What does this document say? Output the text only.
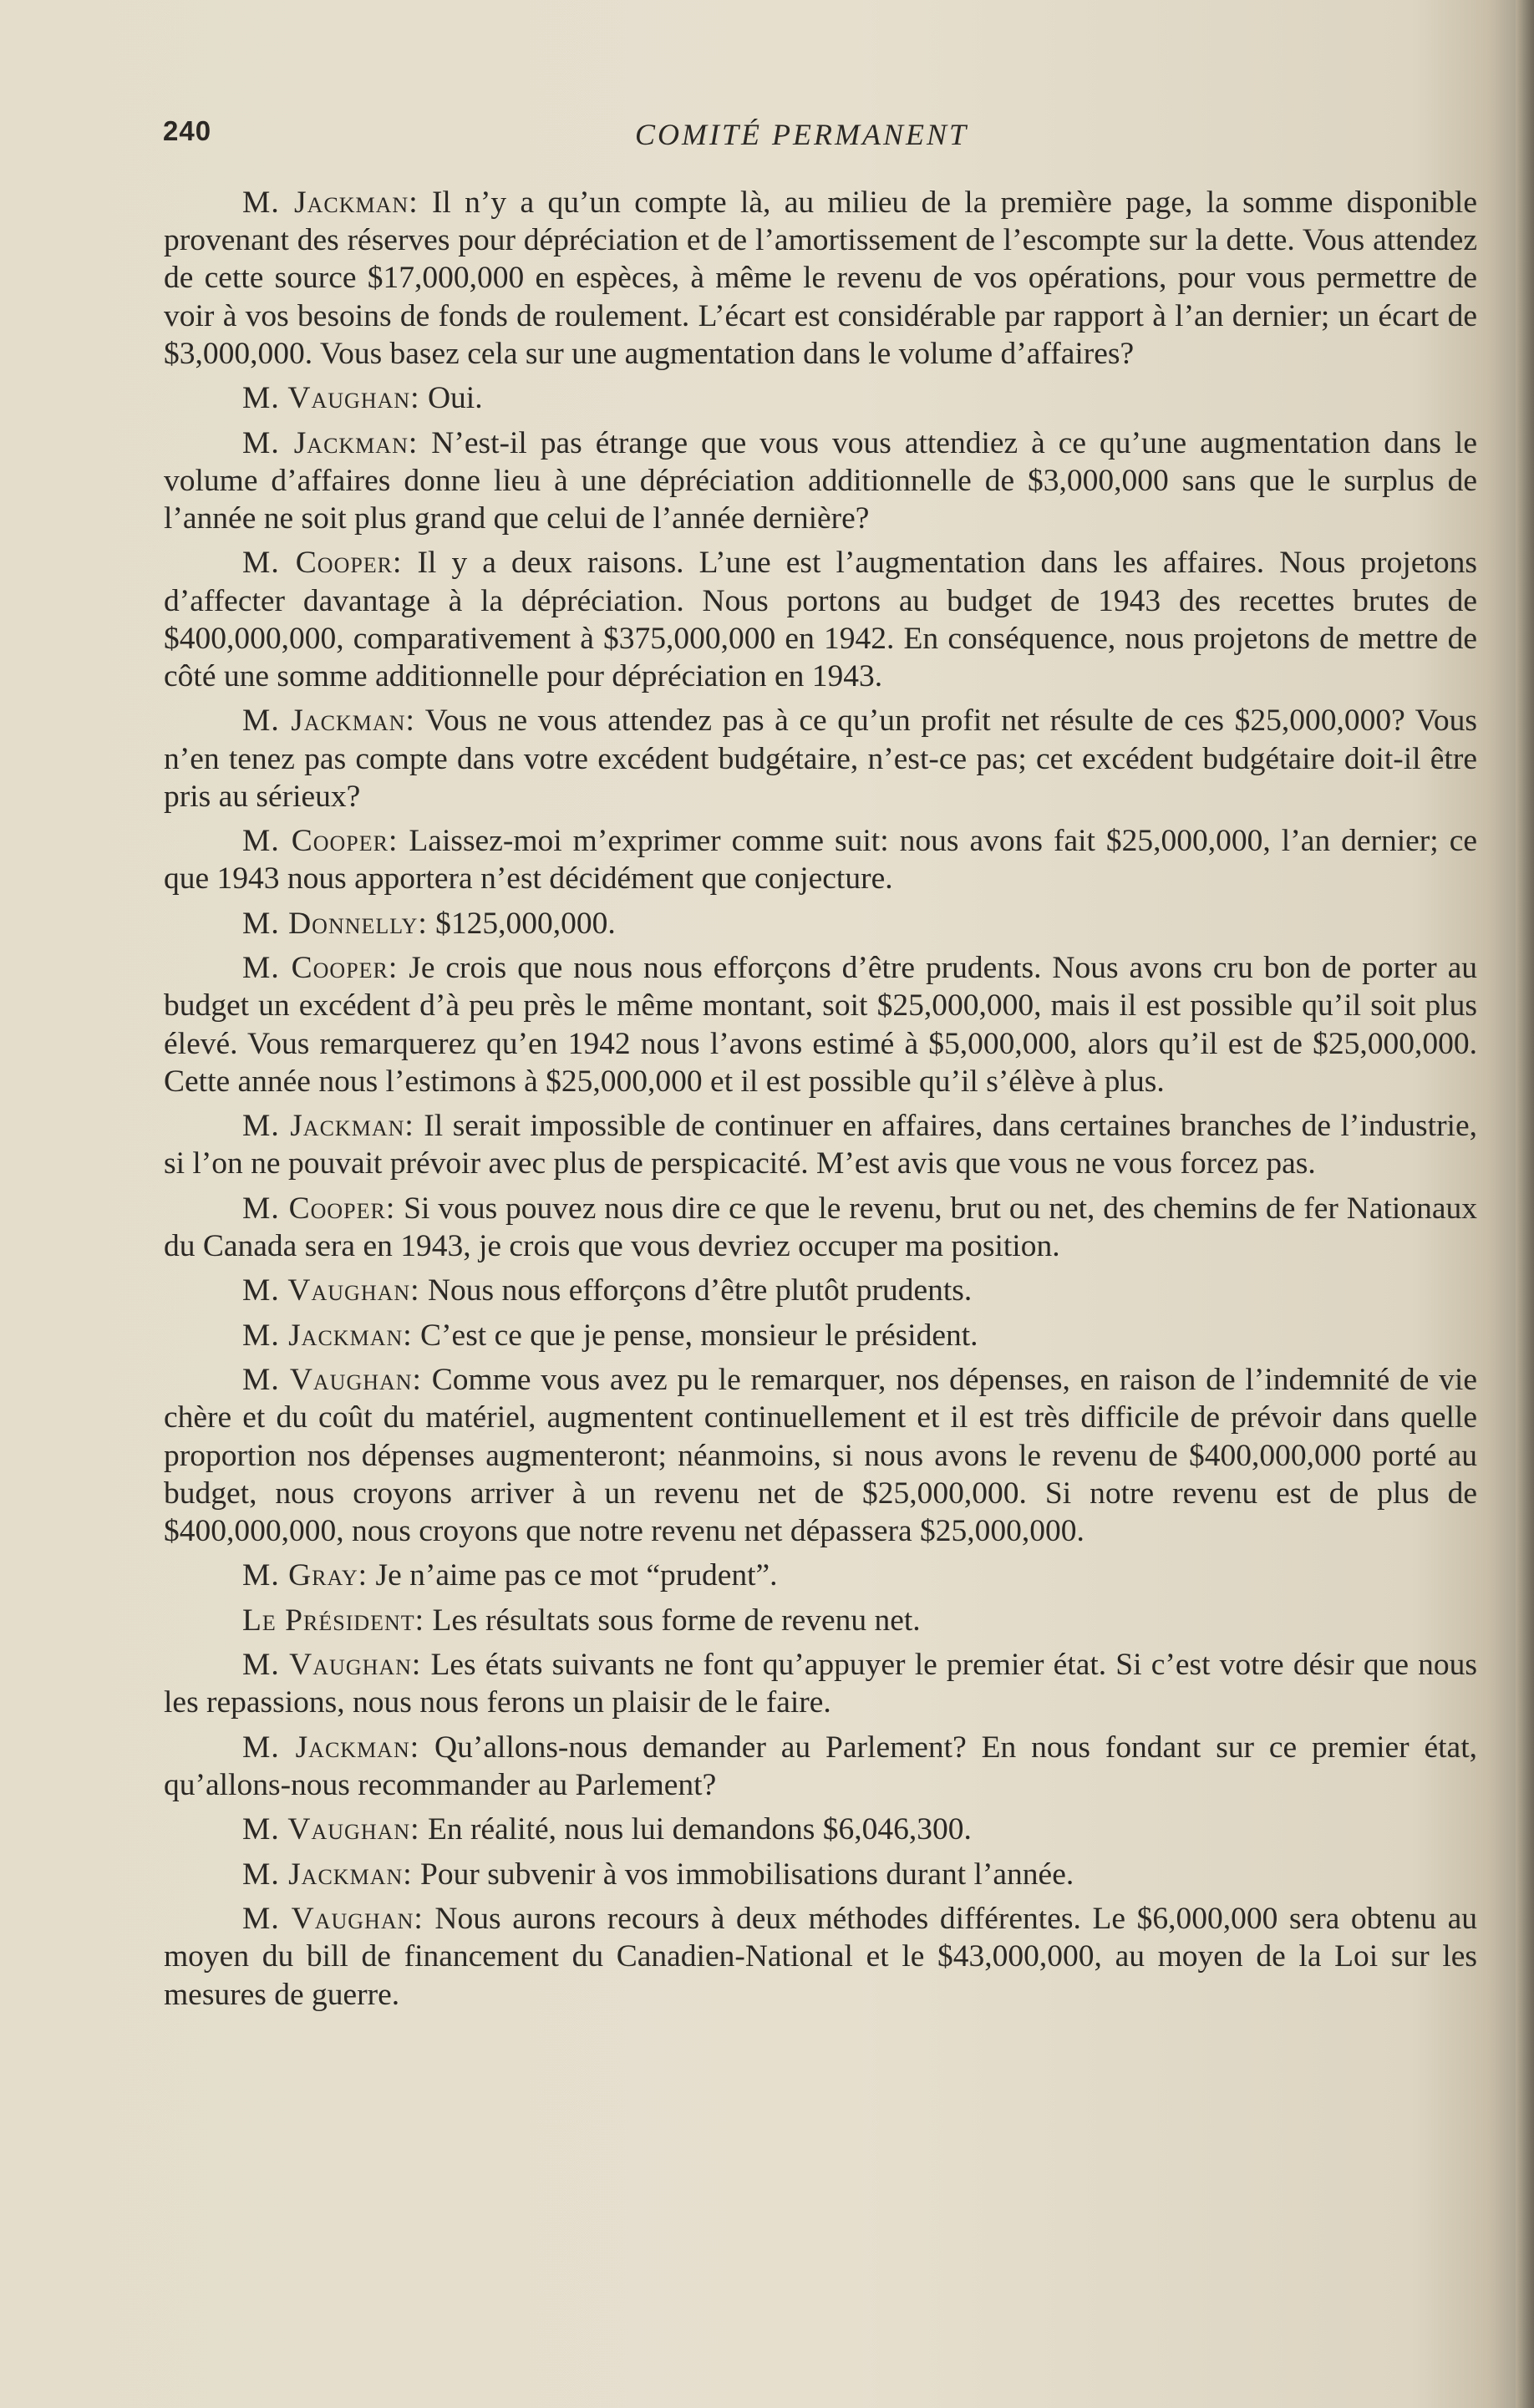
240	COMITÉ PERMANENT

M. Jackman: Il n’y a qu’un compte là, au milieu de la première page, la somme disponible provenant des réserves pour dépréciation et de l’amortissement de l’escompte sur la dette. Vous attendez de cette source $17,000,000 en espèces, à même le revenu de vos opérations, pour vous permettre de voir à vos besoins de fonds de roulement. L’écart est considérable par rapport à l’an dernier; un écart de $3,000,000. Vous basez cela sur une augmentation dans le volume d’affaires?

M. Vaughan: Oui.

M. Jackman: N’est-il pas étrange que vous vous attendiez à ce qu’une augmentation dans le volume d’affaires donne lieu à une dépréciation additionnelle de $3,000,000 sans que le surplus de l’année ne soit plus grand que celui de l’année dernière?

M. Cooper: Il y a deux raisons. L’une est l’augmentation dans les affaires. Nous projetons d’affecter davantage à la dépréciation. Nous portons au budget de 1943 des recettes brutes de $400,000,000, comparativement à $375,000,000 en 1942. En conséquence, nous projetons de mettre de côté une somme additionnelle pour dépréciation en 1943.

M. Jackman: Vous ne vous attendez pas à ce qu’un profit net résulte de ces $25,000,000? Vous n’en tenez pas compte dans votre excédent budgétaire, n’est-ce pas; cet excédent budgétaire doit-il être pris au sérieux?

M. Cooper: Laissez-moi m’exprimer comme suit: nous avons fait $25,000,000, l’an dernier; ce que 1943 nous apportera n’est décidément que conjecture.

M. Donnelly: $125,000,000.

M. Cooper: Je crois que nous nous efforçons d’être prudents. Nous avons cru bon de porter au budget un excédent d’à peu près le même montant, soit $25,000,000, mais il est possible qu’il soit plus élevé. Vous remarquerez qu’en 1942 nous l’avons estimé à $5,000,000, alors qu’il est de $25,000,000. Cette année nous l’estimons à $25,000,000 et il est possible qu’il s’élève à plus.

M. Jackman: Il serait impossible de continuer en affaires, dans certaines branches de l’industrie, si l’on ne pouvait prévoir avec plus de perspicacité. M’est avis que vous ne vous forcez pas.

M. Cooper: Si vous pouvez nous dire ce que le revenu, brut ou net, des chemins de fer Nationaux du Canada sera en 1943, je crois que vous devriez occuper ma position.

M. Vaughan: Nous nous efforçons d’être plutôt prudents.

M. Jackman: C’est ce que je pense, monsieur le président.

M. Vaughan: Comme vous avez pu le remarquer, nos dépenses, en raison de l’indemnité de vie chère et du coût du matériel, augmentent continuellement et il est très difficile de prévoir dans quelle proportion nos dépenses augmenteront; néanmoins, si nous avons le revenu de $400,000,000 porté au budget, nous croyons arriver à un revenu net de $25,000,000. Si notre revenu est de plus de $400,000,000, nous croyons que notre revenu net dépassera $25,000,000.

M. Gray: Je n’aime pas ce mot “prudent”.

Le Président: Les résultats sous forme de revenu net.

M. Vaughan: Les états suivants ne font qu’appuyer le premier état. Si c’est votre désir que nous les repassions, nous nous ferons un plaisir de le faire.

M. Jackman: Qu’allons-nous demander au Parlement? En nous fondant sur ce premier état, qu’allons-nous recommander au Parlement?

M. Vaughan: En réalité, nous lui demandons $6,046,300.

M. Jackman: Pour subvenir à vos immobilisations durant l’année.

M. Vaughan: Nous aurons recours à deux méthodes différentes. Le $6,000,000 sera obtenu au moyen du bill de financement du Canadien-National et le $43,000,000, au moyen de la Loi sur les mesures de guerre.
